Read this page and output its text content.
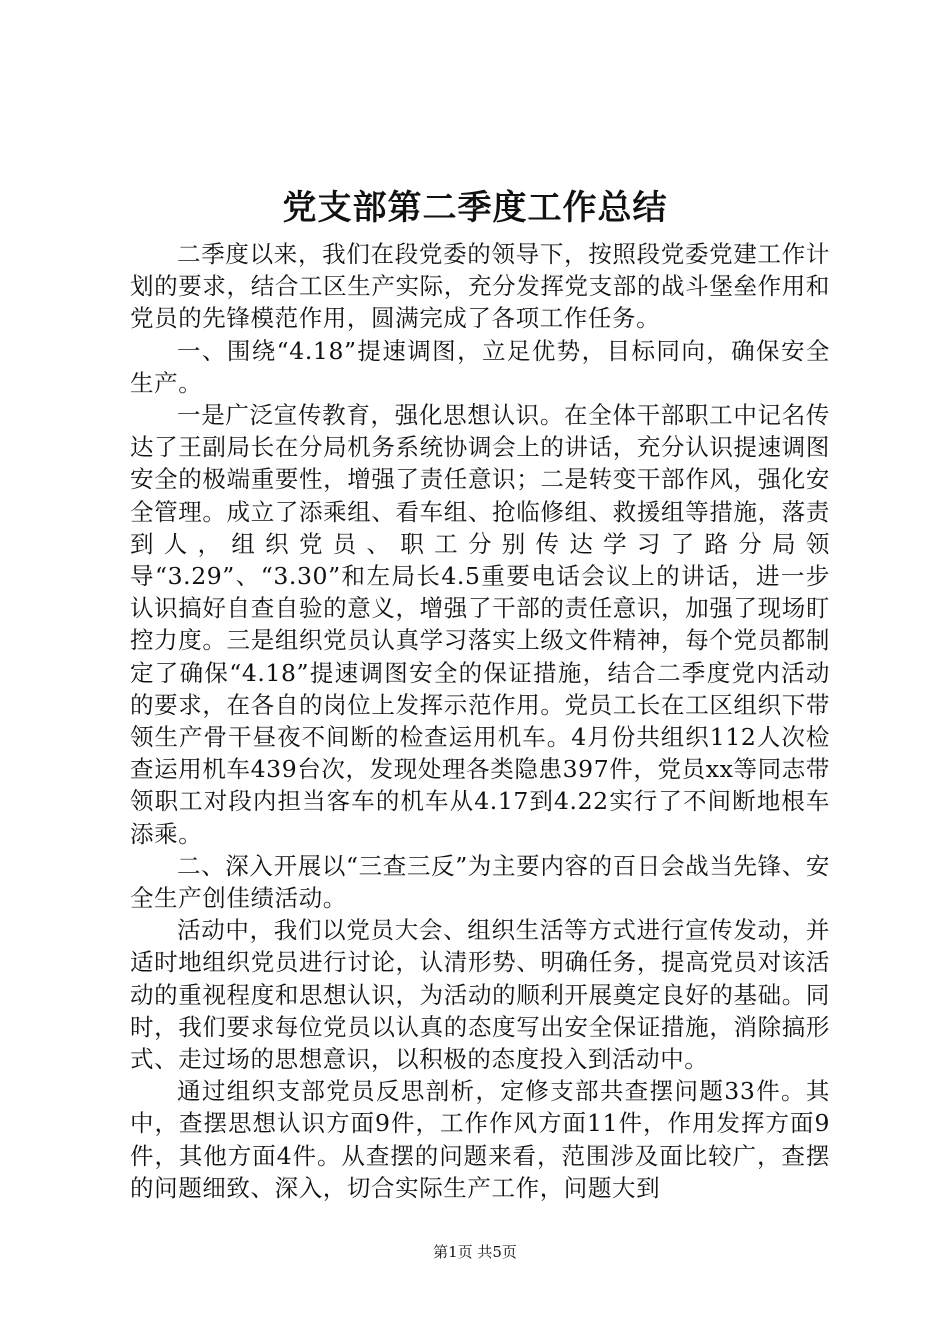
党支部第二季度工作总结

二季度以来，我们在段党委的领导下，按照段党委党建工作计划的要求，结合工区生产实际，充分发挥党支部的战斗堡垒作用和党员的先锋模范作用，圆满完成了各项工作任务。

一、围绕“4.18”提速调图，立足优势，目标同向，确保安全生产。

一是广泛宣传教育，强化思想认识。在全体干部职工中记名传达了王副局长在分局机务系统协调会上的讲话，充分认识提速调图安全的极端重要性，增强了责任意识；二是转变干部作风，强化安全管理。成立了添乘组、看车组、抢临修组、救援组等措施，落责到人，组织党员、职工分别传达学习了路分局领导“3.29”、“3.30”和左局长4.5重要电话会议上的讲话，进一步认识搞好自查自验的意义，增强了干部的责任意识，加强了现场盯控力度。三是组织党员认真学习落实上级文件精神，每个党员都制定了确保“4.18”提速调图安全的保证措施，结合二季度党内活动的要求，在各自的岗位上发挥示范作用。党员工长在工区组织下带领生产骨干昼夜不间断的检查运用机车。4月份共组织112人次检查运用机车439台次，发现处理各类隐患397件，党员xx等同志带领职工对段内担当客车的机车从4.17到4.22实行了不间断地根车添乘。

二、深入开展以“三查三反”为主要内容的百日会战当先锋、安全生产创佳绩活动。

活动中，我们以党员大会、组织生活等方式进行宣传发动，并适时地组织党员进行讨论，认清形势、明确任务，提高党员对该活动的重视程度和思想认识，为活动的顺利开展奠定良好的基础。同时，我们要求每位党员以认真的态度写出安全保证措施，消除搞形式、走过场的思想意识，以积极的态度投入到活动中。

通过组织支部党员反思剖析，定修支部共查摆问题33件。其中，查摆思想认识方面9件，工作作风方面11件，作用发挥方面9件，其他方面4件。从查摆的问题来看，范围涉及面比较广，查摆的问题细致、深入，切合实际生产工作，问题大到

第1页 共5页
